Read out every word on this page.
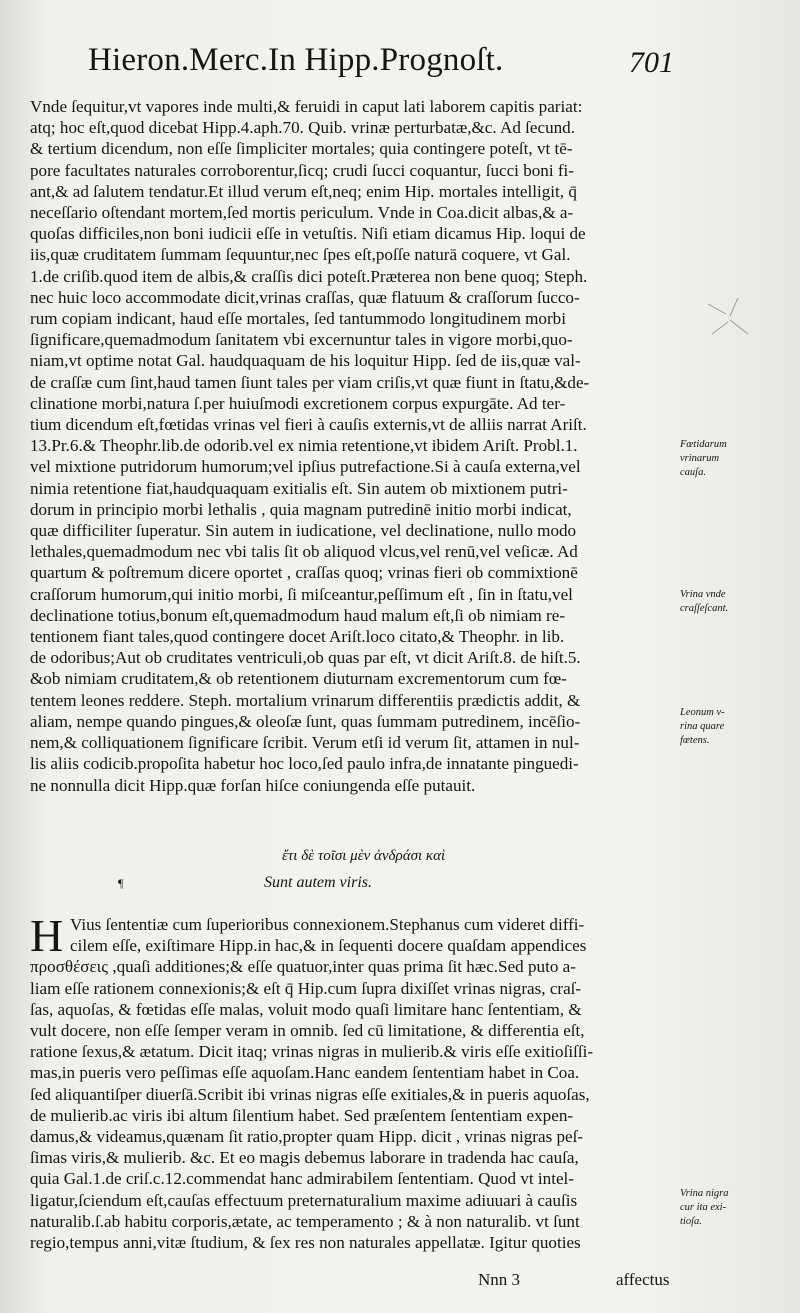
Hieron.Merc.In Hipp.Prognoſt.	701
Vnde ſequitur,vt vapores inde multi,& feruidi in caput lati laborem capitis pariat:
atq; hoc eſt,quod dicebat Hipp.4.aph.70. Quib. vrinæ perturbatæ,&c. Ad ſecund.
& tertium dicendum, non eſſe ſimpliciter mortales; quia contingere poteſt, vt tē-
pore facultates naturales corroborentur,ſicq; crudi ſucci coquantur, ſucci boni fi-
ant,& ad ſalutem tendatur.Et illud verum eſt,neq; enim Hip. mortales intelligit, q̄
neceſſario oſtendant mortem,ſed mortis periculum. Vnde in Coa.dicit albas,& a-
quoſas difficiles,non boni iudicii eſſe in vetuſtis. Niſi etiam dicamus Hip. loqui de
iis,quæ cruditatem ſummam ſequuntur,nec ſpes eſt,poſſe naturā coquere, vt Gal.
1.de criſib.quod item de albis,& craſſis dici poteſt.Præterea non bene quoq; Steph.
nec huic loco accommodate dicit,vrinas craſſas, quæ flatuum & craſſorum ſucco-
rum copiam indicant, haud eſſe mortales, ſed tantummodo longitudinem morbi
ſignificare,quemadmodum ſanitatem vbi excernuntur tales in vigore morbi,quo-
niam,vt optime notat Gal. haudquaquam de his loquitur Hipp. ſed de iis,quæ val-
de craſſæ cum ſint,haud tamen ſiunt tales per viam criſis,vt quæ fiunt in ſtatu,&de-
clinatione morbi,natura ſ.per huiuſmodi excretionem corpus expurgāte. Ad ter-
tium dicendum eſt,fœtidas vrinas vel fieri à cauſis externis,vt de alliis narrat Ariſt.
13.Pr.6.& Theophr.lib.de odorib.vel ex nimia retentione,vt ibidem Ariſt. Probl.1.
vel mixtione putridorum humorum;vel ipſius putrefactione.Si à cauſa externa,vel
nimia retentione fiat,haudquaquam exitialis eſt. Sin autem ob mixtionem putri-
dorum in principio morbi lethalis , quia magnam putredinē initio morbi indicat,
quæ difficiliter ſuperatur. Sin autem in iudicatione, vel declinatione, nullo modo
lethales,quemadmodum nec vbi talis ſit ob aliquod vlcus,vel renū,vel veſicæ. Ad
quartum & poſtremum dicere oportet , craſſas quoq; vrinas fieri ob commixtionē
craſſorum humorum,qui initio morbi, ſi miſceantur,peſſimum eſt , ſin in ſtatu,vel
declinatione totius,bonum eſt,quemadmodum haud malum eſt,ſi ob nimiam re-
tentionem fiant tales,quod contingere docet Ariſt.loco citato,& Theophr. in lib.
de odoribus;Aut ob cruditates ventriculi,ob quas par eſt, vt dicit Ariſt.8. de hiſt.5.
&ob nimiam cruditatem,& ob retentionem diuturnam excrementorum cum fœ-
tentem leones reddere. Steph. mortalium vrinarum differentiis prædictis addit, &
aliam, nempe quando pingues,& oleoſæ ſunt, quas ſummam putredinem, incēſio-
nem,& colliquationem ſignificare ſcribit. Verum etſi id verum ſit, attamen in nul-
lis aliis codicib.propoſita habetur hoc loco,ſed paulo infra,de innatante pinguedi-
ne nonnulla dicit Hipp.quæ forſan hiſce coniungenda eſſe putauit.
ἔτι δὲ τοῖσι μὲν ἀνδράσι καὶ
¶	Sunt autem viris.
H Vius ſententiæ cum ſuperioribus connexionem.Stephanus cum videret diffi-
cilem eſſe, exiſtimare Hipp.in hac,& in ſequenti docere quaſdam appendices
προσθέσεις ,quaſi additiones;& eſſe quatuor,inter quas prima ſit hæc.Sed puto a-
liam eſſe rationem connexionis;& eſt q̄ Hip.cum ſupra dixiſſet vrinas nigras, craſ-
ſas, aquoſas, & fœtidas eſſe malas, voluit modo quaſi limitare hanc ſententiam, &
vult docere, non eſſe ſemper veram in omnib. ſed cū limitatione, & differentia eſt,
ratione ſexus,& ætatum. Dicit itaq; vrinas nigras in mulierib.& viris eſſe exitioſiſſi-
mas,in pueris vero peſſimas eſſe aquoſam.Hanc eandem ſententiam habet in Coa.
ſed aliquantiſper diuerſā.Scribit ibi vrinas nigras eſſe exitiales,& in pueris aquoſas,
de mulierib.ac viris ibi altum ſilentium habet. Sed præſentem ſententiam expen-
damus,& videamus,quænam ſit ratio,propter quam Hipp. dicit , vrinas nigras peſ-
ſimas viris,& mulierib. &c. Et eo magis debemus laborare in tradenda hac cauſa,
quia Gal.1.de criſ.c.12.commendat hanc admirabilem ſententiam. Quod vt intel-
ligatur,ſciendum eſt,cauſas effectuum preternaturalium maxime adiuuari à cauſis
naturalib.ſ.ab habitu corporis,ætate, ac temperamento ; & à non naturalib. vt ſunt
regio,tempus anni,vitæ ſtudium, & ſex res non naturales appellatæ. Igitur quoties
Fœtidarum
vrinarum
cauſa.
Vrina vnde
craſſeſcant.
Leonum v-
rina quare
fœtens.
Vrina nigra
cur ita exi-
tioſa.
Nnn 3	affectus
